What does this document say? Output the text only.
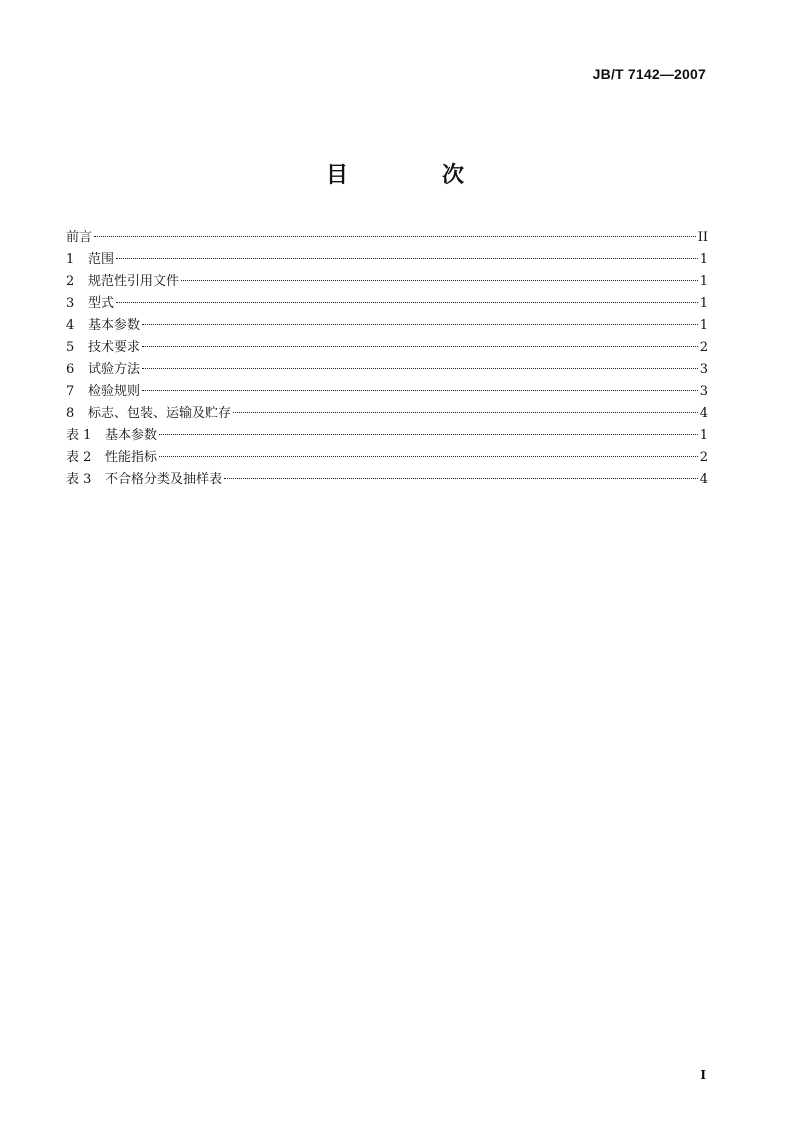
JB/T 7142—2007
目　次
前言	II
1	范围	1
2	规范性引用文件	1
3	型式	1
4	基本参数	1
5	技术要求	2
6	试验方法	3
7	检验规则	3
8	标志、包装、运输及贮存	4
表 1	基本参数	1
表 2	性能指标	2
表 3	不合格分类及抽样表	4
I
